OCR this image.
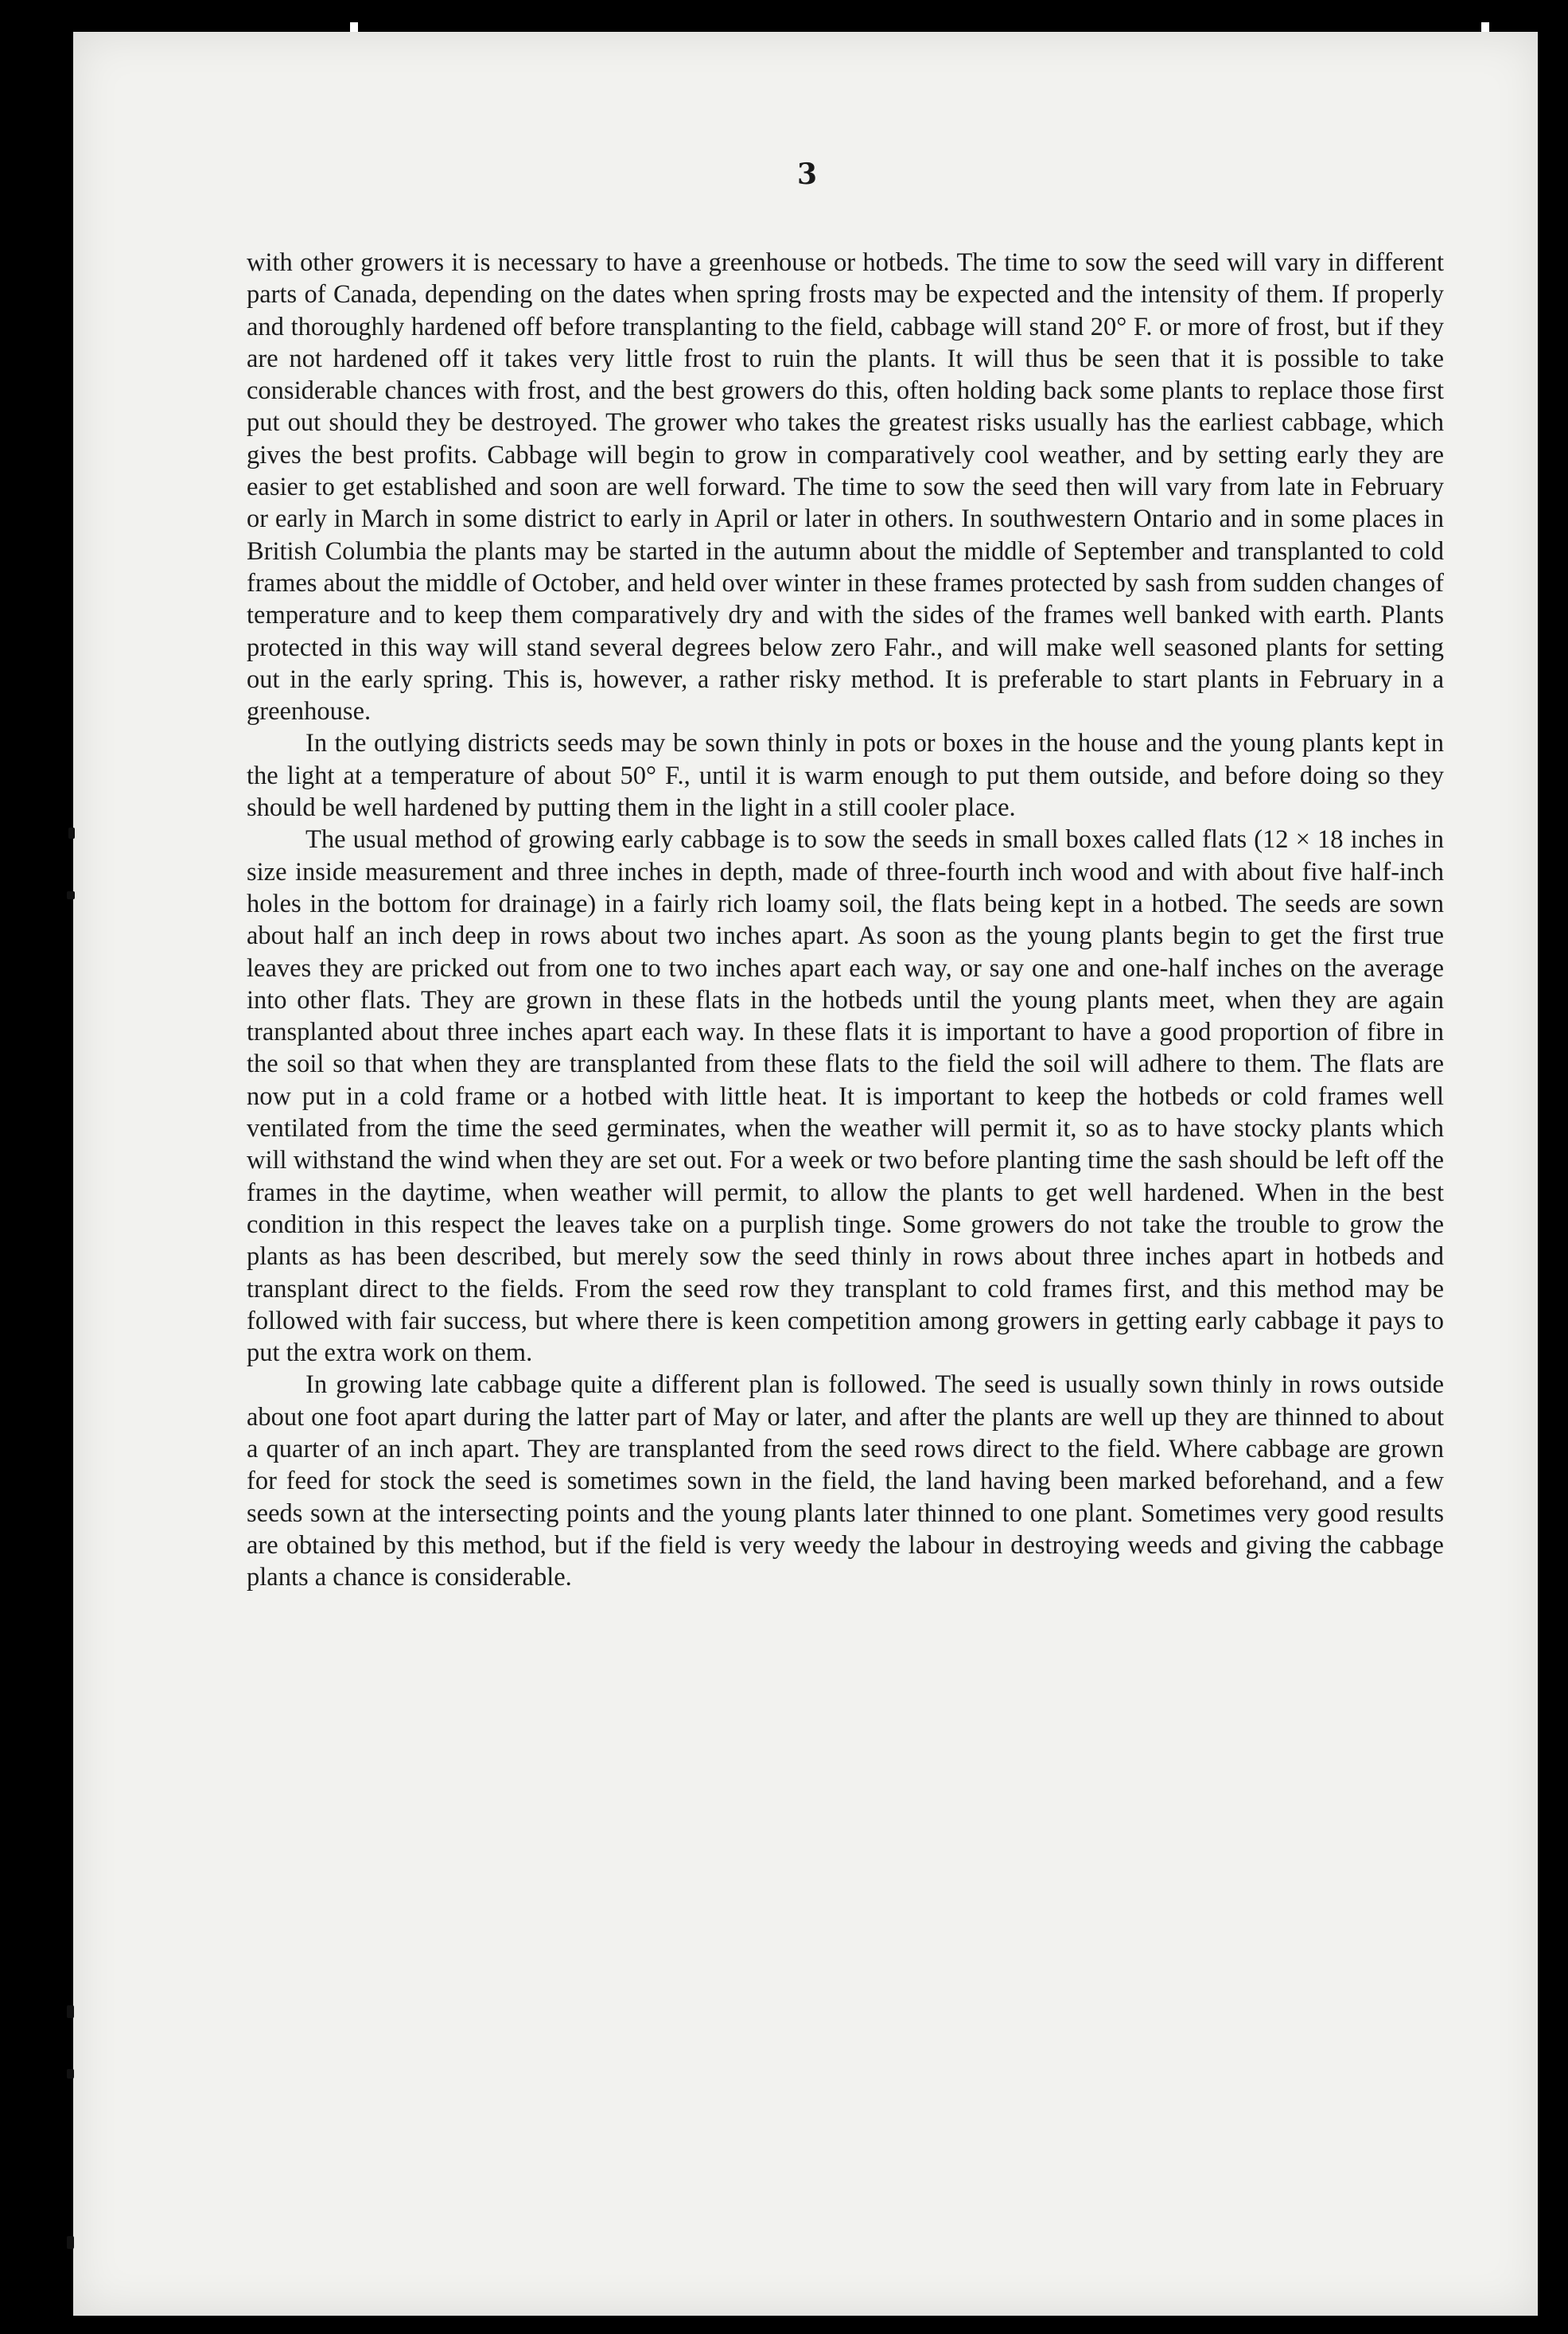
3

with other growers it is necessary to have a greenhouse or hotbeds. The time to sow the seed will vary in different parts of Canada, depending on the dates when spring frosts may be expected and the intensity of them. If properly and thoroughly hardened off before transplanting to the field, cabbage will stand 20° F. or more of frost, but if they are not hardened off it takes very little frost to ruin the plants. It will thus be seen that it is possible to take considerable chances with frost, and the best growers do this, often holding back some plants to replace those first put out should they be destroyed. The grower who takes the greatest risks usually has the earliest cabbage, which gives the best profits. Cabbage will begin to grow in comparatively cool weather, and by setting early they are easier to get established and soon are well forward. The time to sow the seed then will vary from late in February or early in March in some district to early in April or later in others. In southwestern Ontario and in some places in British Columbia the plants may be started in the autumn about the middle of September and transplanted to cold frames about the middle of October, and held over winter in these frames protected by sash from sudden changes of temperature and to keep them comparatively dry and with the sides of the frames well banked with earth. Plants protected in this way will stand several degrees below zero Fahr., and will make well seasoned plants for setting out in the early spring. This is, however, a rather risky method. It is preferable to start plants in February in a greenhouse.

In the outlying districts seeds may be sown thinly in pots or boxes in the house and the young plants kept in the light at a temperature of about 50° F., until it is warm enough to put them outside, and before doing so they should be well hardened by putting them in the light in a still cooler place.

The usual method of growing early cabbage is to sow the seeds in small boxes called flats (12 × 18 inches in size inside measurement and three inches in depth, made of three-fourth inch wood and with about five half-inch holes in the bottom for drainage) in a fairly rich loamy soil, the flats being kept in a hotbed. The seeds are sown about half an inch deep in rows about two inches apart. As soon as the young plants begin to get the first true leaves they are pricked out from one to two inches apart each way, or say one and one-half inches on the average into other flats. They are grown in these flats in the hotbeds until the young plants meet, when they are again transplanted about three inches apart each way. In these flats it is important to have a good proportion of fibre in the soil so that when they are transplanted from these flats to the field the soil will adhere to them. The flats are now put in a cold frame or a hotbed with little heat. It is important to keep the hotbeds or cold frames well ventilated from the time the seed germinates, when the weather will permit it, so as to have stocky plants which will withstand the wind when they are set out. For a week or two before planting time the sash should be left off the frames in the daytime, when weather will permit, to allow the plants to get well hardened. When in the best condition in this respect the leaves take on a purplish tinge. Some growers do not take the trouble to grow the plants as has been described, but merely sow the seed thinly in rows about three inches apart in hotbeds and transplant direct to the fields. From the seed row they transplant to cold frames first, and this method may be followed with fair success, but where there is keen competition among growers in getting early cabbage it pays to put the extra work on them.

In growing late cabbage quite a different plan is followed. The seed is usually sown thinly in rows outside about one foot apart during the latter part of May or later, and after the plants are well up they are thinned to about a quarter of an inch apart. They are transplanted from the seed rows direct to the field. Where cabbage are grown for feed for stock the seed is sometimes sown in the field, the land having been marked beforehand, and a few seeds sown at the intersecting points and the young plants later thinned to one plant. Sometimes very good results are obtained by this method, but if the field is very weedy the labour in destroying weeds and giving the cabbage plants a chance is considerable.
